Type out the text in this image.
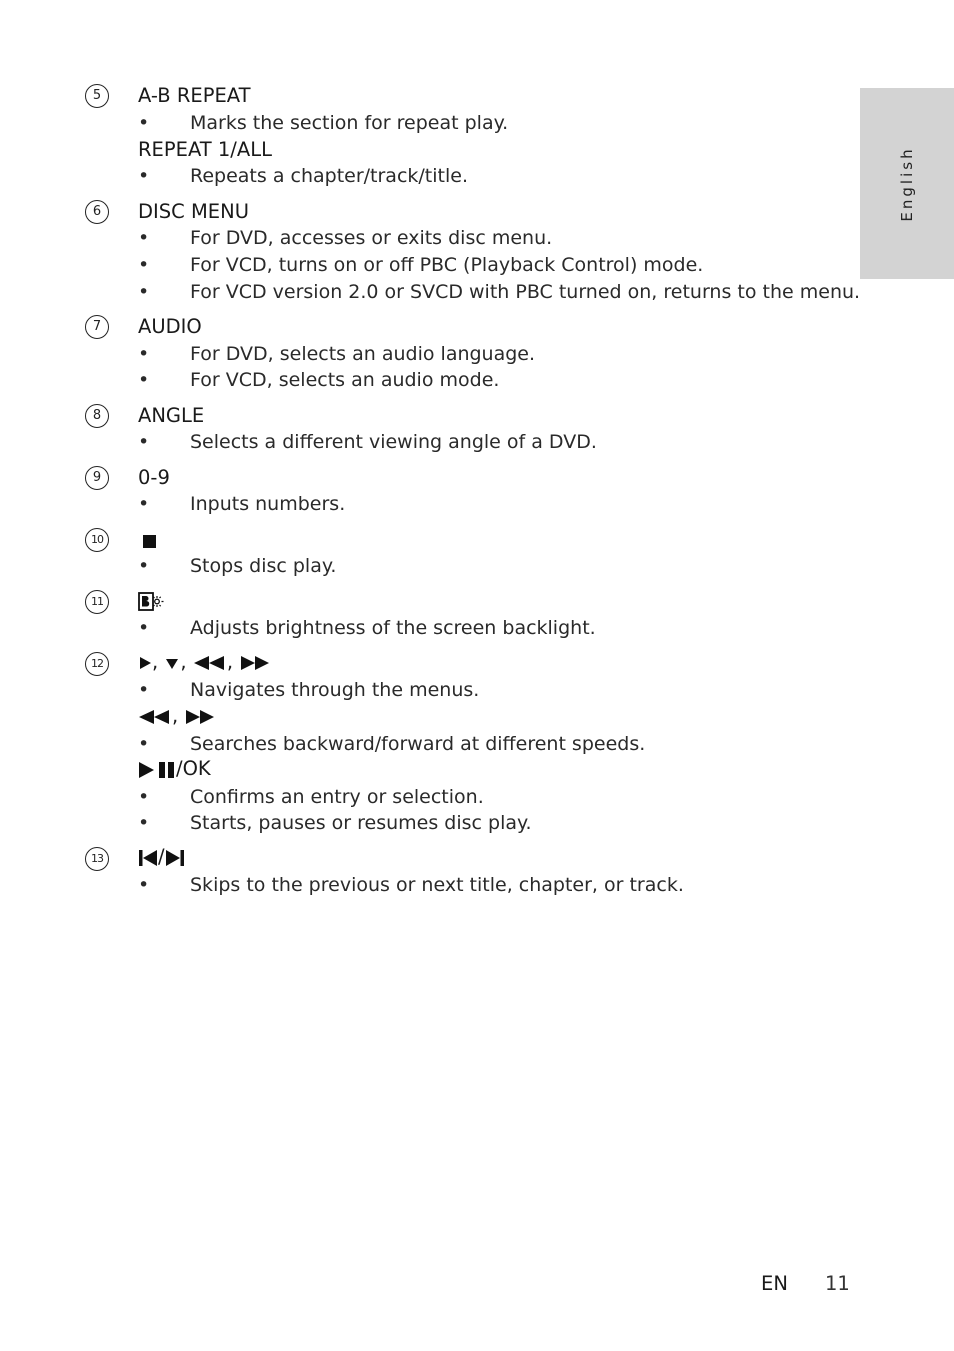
English
5	A-B REPEAT
• Marks the section for repeat play.
REPEAT 1/ALL
• Repeats a chapter/track/title.
6	DISC MENU
• For DVD, accesses or exits disc menu.
• For VCD, turns on or off PBC (Playback Control) mode.
• For VCD version 2.0 or SVCD with PBC turned on, returns to the menu.
7	AUDIO
• For DVD, selects an audio language.
• For VCD, selects an audio mode.
8	ANGLE
• Selects a different viewing angle of a DVD.
9	0-9
• Inputs numbers.
10
• Stops disc play.
11
• Adjusts brightness of the screen backlight.
12	, , ,
• Navigates through the menus.
,
• Searches backward/forward at different speeds.
/OK
• Confirms an entry or selection.
• Starts, pauses or resumes disc play.
13	/
• Skips to the previous or next title, chapter, or track.
EN 11
